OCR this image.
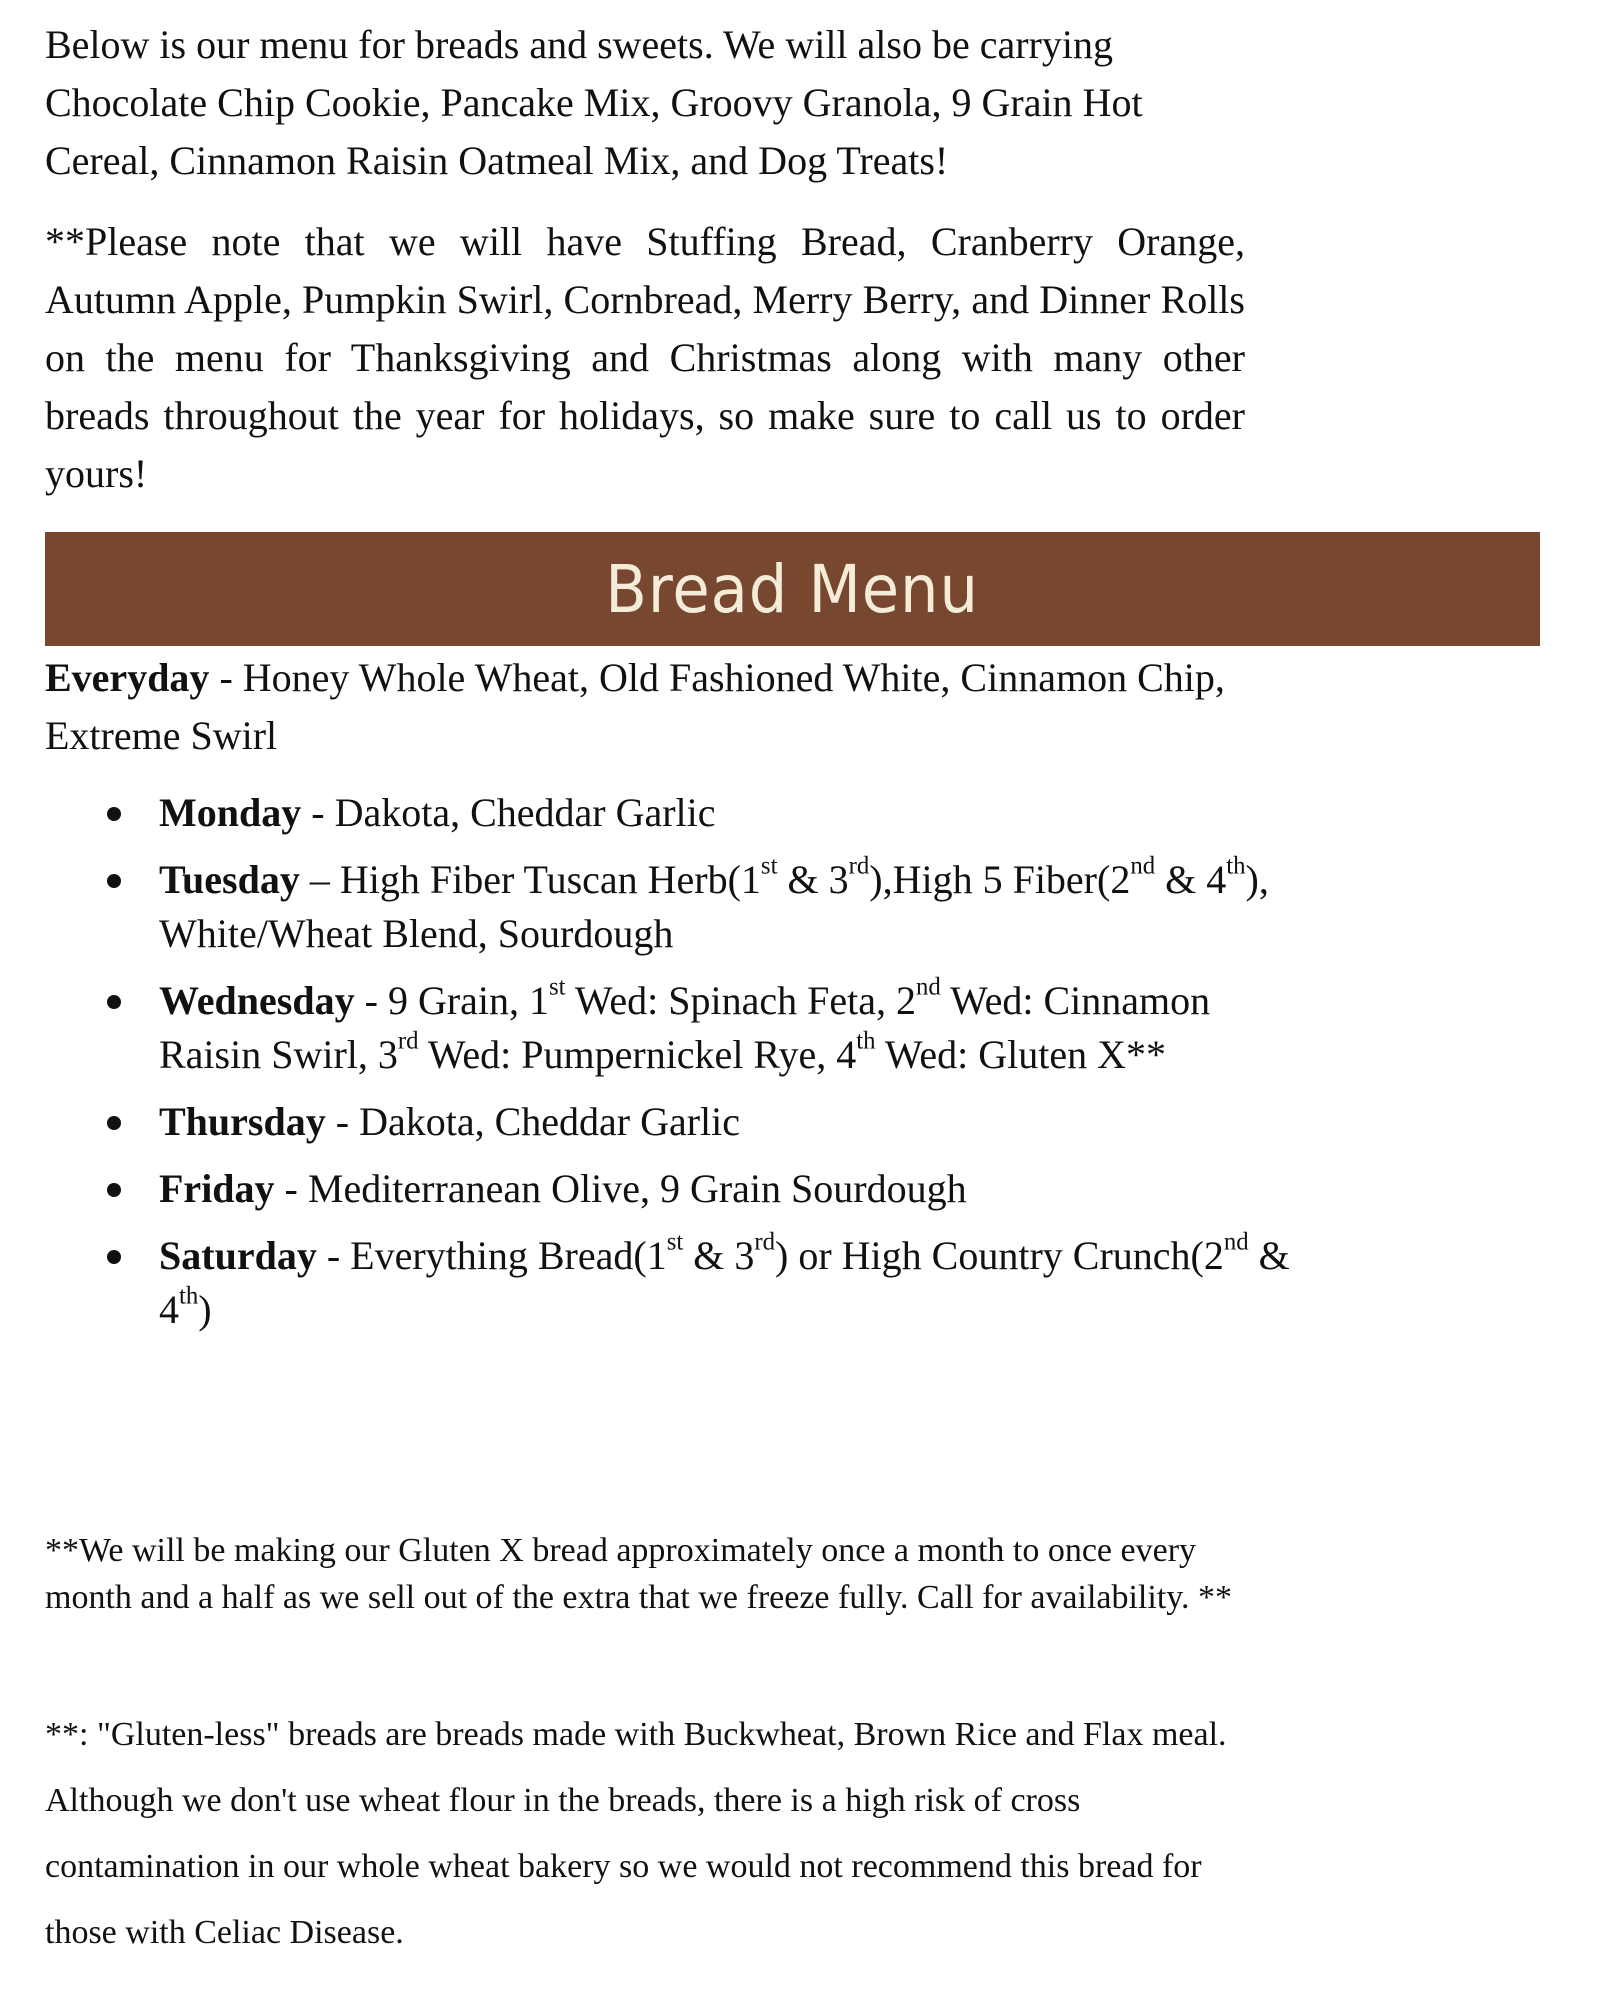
Below is our menu for breads and sweets. We will also be carrying Chocolate Chip Cookie, Pancake Mix, Groovy Granola, 9 Grain Hot Cereal, Cinnamon Raisin Oatmeal Mix, and Dog Treats!

**Please note that we will have Stuffing Bread, Cranberry Orange, Autumn Apple, Pumpkin Swirl, Cornbread, Merry Berry, and Dinner Rolls on the menu for Thanksgiving and Christmas along with many other breads throughout the year for holidays, so make sure to call us to order yours!

Bread Menu

Everyday - Honey Whole Wheat, Old Fashioned White, Cinnamon Chip, Extreme Swirl

Monday - Dakota, Cheddar Garlic
Tuesday – High Fiber Tuscan Herb(1st & 3rd),High 5 Fiber(2nd & 4th), White/Wheat Blend, Sourdough
Wednesday - 9 Grain, 1st Wed: Spinach Feta, 2nd Wed: Cinnamon Raisin Swirl, 3rd Wed: Pumpernickel Rye, 4th Wed: Gluten X**
Thursday - Dakota, Cheddar Garlic
Friday - Mediterranean Olive, 9 Grain Sourdough
Saturday - Everything Bread(1st & 3rd) or High Country Crunch(2nd & 4th)

**We will be making our Gluten X bread approximately once a month to once every month and a half as we sell out of the extra that we freeze fully. Call for availability. **

**: "Gluten-less" breads are breads made with Buckwheat, Brown Rice and Flax meal. Although we don't use wheat flour in the breads, there is a high risk of cross contamination in our whole wheat bakery so we would not recommend this bread for those with Celiac Disease.
